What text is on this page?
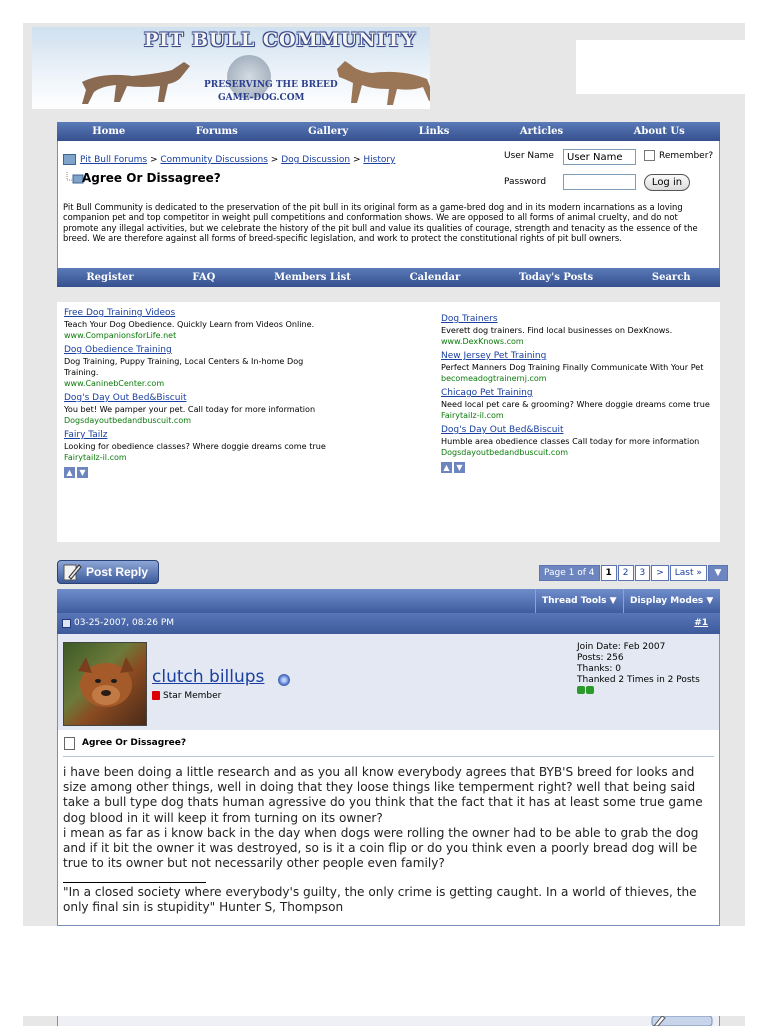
PIT BULL COMMUNITY
PRESERVING THE BREED
GAME-DOG.COM
Home	Forums	Gallery	Links	Articles	About Us
Pit Bull Forums > Community Discussions > Dog Discussion > History
Agree Or Dissagree?
User Name
User Name	Remember?
Password	Log in
Pit Bull Community is dedicated to the preservation of the pit bull in its original form as a game-bred dog and in its modern incarnations as a loving companion pet and top competitor in weight pull competitions and conformation shows. We are opposed to all forms of animal cruelty, and do not promote any illegal activities, but we celebrate the history of the pit bull and value its qualities of courage, strength and tenacity as the essence of the breed. We are therefore against all forms of breed-specific legislation, and work to protect the constitutional rights of pit bull owners.
Register	FAQ	Members List	Calendar	Today's Posts	Search
Free Dog Training Videos
Teach Your Dog Obedience. Quickly Learn from Videos Online.
www.CompanionsforLife.net
Dog Obedience Training
Dog Training, Puppy Training, Local Centers & In-home Dog Training.
www.CaninebCenter.com
Dog's Day Out Bed&Biscuit
You bet! We pamper your pet. Call today for more information
Dogsdayoutbedandbuscuit.com
Fairy Tailz
Looking for obedience classes? Where doggie dreams come true
Fairytailz-il.com
▲ ▼
Dog Trainers
Everett dog trainers. Find local businesses on DexKnows.
www.DexKnows.com
New Jersey Pet Training
Perfect Manners Dog Training Finally Communicate With Your Pet
becomeadogtrainernj.com
Chicago Pet Training
Need local pet care & grooming? Where doggie dreams come true
Fairytailz-il.com
Dog's Day Out Bed&Biscuit
Humble area obedience classes Call today for more information
Dogsdayoutbedandbuscuit.com
▲ ▼
Post Reply	Page 1 of 4	1	2	3	>	Last »	▼
Thread Tools ▼	Display Modes ▼
03-25-2007, 08:26 PM	#1
clutch billups
Star Member
Join Date: Feb 2007
Posts: 256
Thanks: 0
Thanked 2 Times in 2 Posts
Agree Or Dissagree?
i have been doing a little research and as you all know everybody agrees that BYB'S breed for looks and size among other things, well in doing that they loose things like temperment right? well that being said take a bull type dog thats human agressive do you think that the fact that it has at least some true game dog blood in it will keep it from turning on its owner?
i mean as far as i know back in the day when dogs were rolling the owner had to be able to grab the dog and if it bit the owner it was destroyed, so is it a coin flip or do you think even a poorly bread dog will be true to its owner but not necessarily other people even family?
"In a closed society where everybody's guilty, the only crime is getting caught. In a world of thieves, the only final sin is stupidity" Hunter S, Thompson
